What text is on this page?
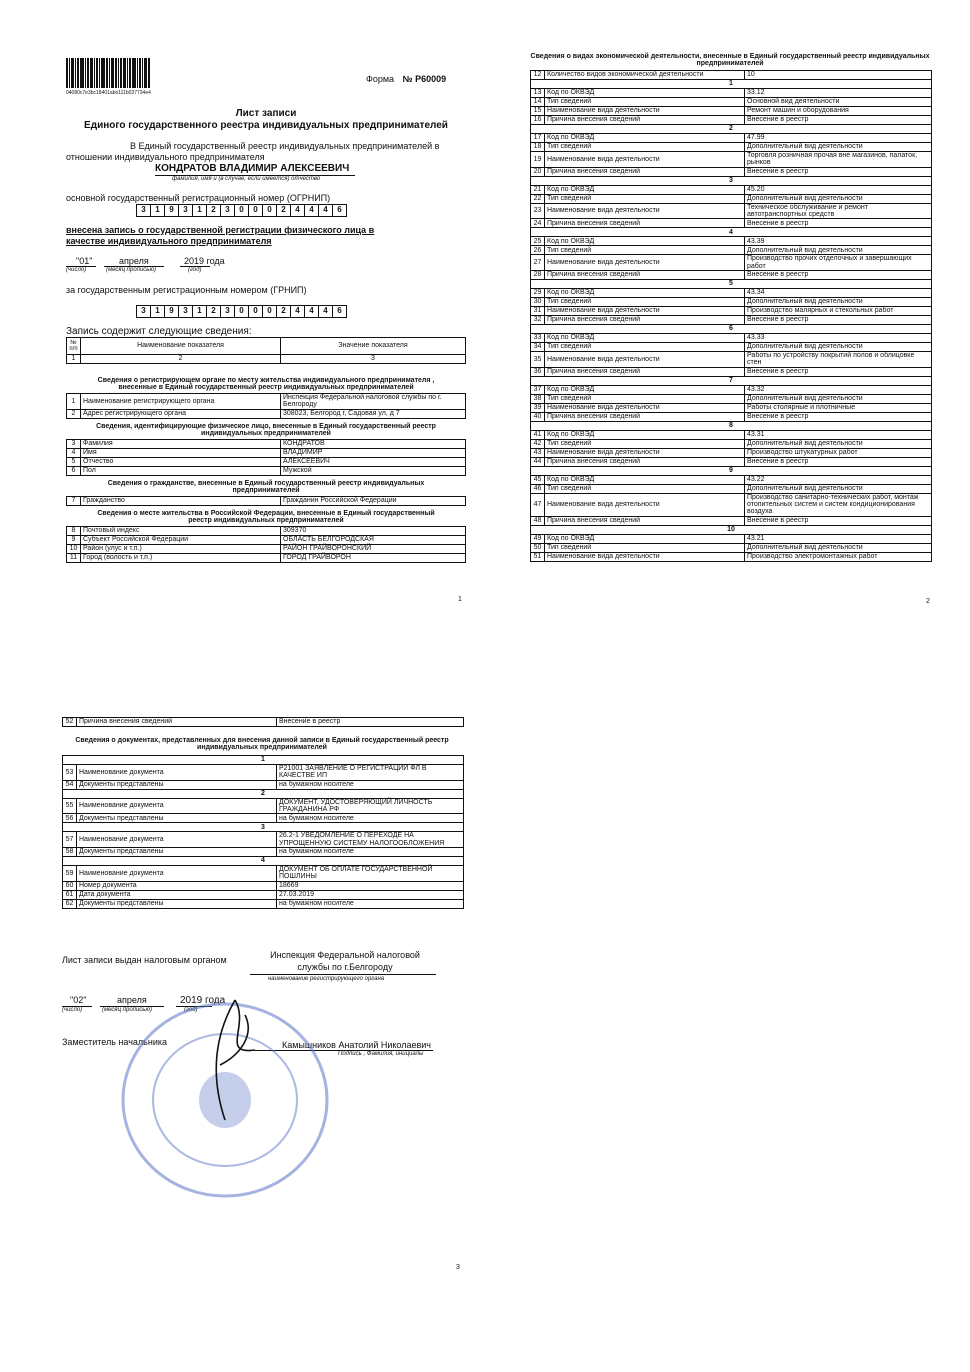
04080c7e3bc18401abo111b037734e4
Форма № Р60009
Лист записи
Единого государственного реестра индивидуальных предпринимателей
В Единый государственный реестр индивидуальных предпринимателей в
отношении индивидуального предпринимателя
КОНДРАТОВ ВЛАДИМИР АЛЕКСЕЕВИЧ
фамилия, имя и (в случае, если имеется) отчество
основной государственный регистрационный номер (ОГРНИП)
3	1	9	3	1	2	3	0	0	0	2	4	4	4	6
внесена запись о государственной регистрации физического лица в качестве индивидуального предпринимателя
"01"	апреля	2019 года
(число)	(месяц прописью)	(год)
за государственным регистрационным номером (ГРНИП)
3	1	9	3	1	2	3	0	0	0	2	4	4	4	6
Запись содержит следующие сведения:
№ п/п	Наименование показателя	Значение показателя
1	2	3
Сведения о регистрирующем органе по месту жительства индивидуального предпринимателя , внесенные в Единый государственный реестр индивидуальных предпринимателей
1	Наименование регистрирующего органа	Инспекция Федеральной налоговой службы по г. Белгороду
2	Адрес регистрирующего органа	308023, Белгород г, Садовая ул, д 7
Сведения, идентифицирующие физическое лицо, внесенные в Единый государственный реестр индивидуальных предпринимателей
3	Фамилия	КОНДРАТОВ
4	Имя	ВЛАДИМИР
5	Отчество	АЛЕКСЕЕВИЧ
6	Пол	Мужской
Сведения о гражданстве, внесенные в Единый государственный реестр индивидуальных предпринимателей
7	Гражданство	Гражданин Российской Федерации
Сведения о месте жительства в Российской Федерации, внесенные в Единый государственный реестр индивидуальных предпринимателей
8	Почтовый индекс	309370
9	Субъект Российской Федерации	ОБЛАСТЬ БЕЛГОРОДСКАЯ
10	Район (улус и т.п.)	РАЙОН ГРАЙВОРОНСКИЙ
11	Город (волость и т.п.)	ГОРОД ГРАЙВОРОН
1
Сведения о видах экономической деятельности, внесенные в Единый государственный реестр индивидуальных предпринимателей
12	Количество видов экономической деятельности	10
1		
13	Код по ОКВЭД	33.12
14	Тип сведений	Основной вид деятельности
15	Наименование вида деятельности	Ремонт машин и оборудования
16	Причина внесения сведений	Внесение в реестр
2		
17	Код по ОКВЭД	47.99
18	Тип сведений	Дополнительный вид деятельности
19	Наименование вида деятельности	Торговля розничная прочая вне магазинов, палаток, рынков
20	Причина внесения сведений	Внесение в реестр
3		
21	Код по ОКВЭД	45.20
22	Тип сведений	Дополнительный вид деятельности
23	Наименование вида деятельности	Техническое обслуживание и ремонт автотранспортных средств
24	Причина внесения сведений	Внесение в реестр
4		
25	Код по ОКВЭД	43.39
26	Тип сведений	Дополнительный вид деятельности
27	Наименование вида деятельности	Производство прочих отделочных и завершающих работ
28	Причина внесения сведений	Внесение в реестр
5		
29	Код по ОКВЭД	43.34
30	Тип сведений	Дополнительный вид деятельности
31	Наименование вида деятельности	Производство малярных и стекольных работ
32	Причина внесения сведений	Внесение в реестр
6		
33	Код по ОКВЭД	43.33
34	Тип сведений	Дополнительный вид деятельности
35	Наименование вида деятельности	Работы по устройству покрытий полов и облицовке стен
36	Причина внесения сведений	Внесение в реестр
7		
37	Код по ОКВЭД	43.32
38	Тип сведений	Дополнительный вид деятельности
39	Наименование вида деятельности	Работы столярные и плотничные
40	Причина внесения сведений	Внесение в реестр
8		
41	Код по ОКВЭД	43.31
42	Тип сведений	Дополнительный вид деятельности
43	Наименование вида деятельности	Производство штукатурных работ
44	Причина внесения сведений	Внесение в реестр
9		
45	Код по ОКВЭД	43.22
46	Тип сведений	Дополнительный вид деятельности
47	Наименование вида деятельности	Производство санитарно-технических работ, монтаж отопительных систем и систем кондиционирования воздуха
48	Причина внесения сведений	Внесение в реестр
10		
49	Код по ОКВЭД	43.21
50	Тип сведений	Дополнительный вид деятельности
51	Наименование вида деятельности	Производство электромонтажных работ
2
52	Причина внесения сведений	Внесение в реестр
Сведения о документах, представленных для внесения данной записи в Единый государственный реестр индивидуальных предпринимателей
1		
53	Наименование документа	Р21001 ЗАЯВЛЕНИЕ О РЕГИСТРАЦИИ ФЛ В КАЧЕСТВЕ ИП
54	Документы представлены	на бумажном носителе
2		
55	Наименование документа	ДОКУМЕНТ, УДОСТОВЕРЯЮЩИЙ ЛИЧНОСТЬ ГРАЖДАНИНА РФ
56	Документы представлены	на бумажном носителе
3		
57	Наименование документа	26.2-1 УВЕДОМЛЕНИЕ О ПЕРЕХОДЕ НА УПРОЩЕННУЮ СИСТЕМУ НАЛОГООБЛОЖЕНИЯ
58	Документы представлены	на бумажном носителе
4		
59	Наименование документа	ДОКУМЕНТ ОБ ОПЛАТЕ ГОСУДАРСТВЕННОЙ ПОШЛИНЫ
60	Номер документа	18669
61	Дата документа	27.03.2019
62	Документы представлены	на бумажном носителе
Лист записи выдан налоговым органом	Инспекция Федеральной налоговой
службы по г.Белгороду
наименование регистрирующего органа
"02"	апреля	2019 года
(число)	(месяц прописью)	(год)
Заместитель начальника	Камышников Анатолий Николаевич
Подпись , Фамилия, инициалы
3
